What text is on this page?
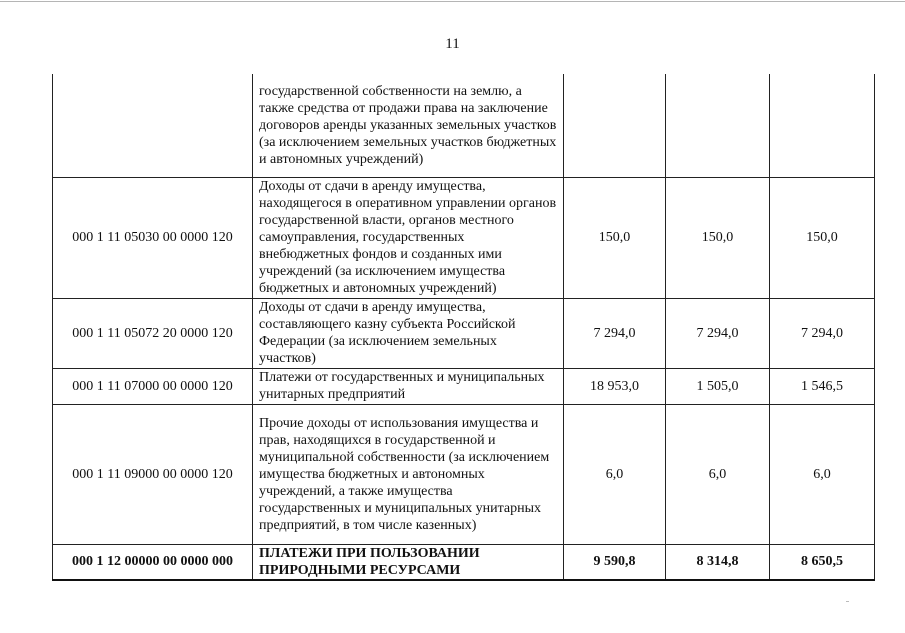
11
	государственной собственности на землю, а также средства от продажи права на заключение договоров аренды указанных земельных участков (за исключением земельных участков бюджетных и автономных учреждений)			
000 1 11 05030 00 0000 120	Доходы от сдачи в аренду имущества, находящегося в оперативном управлении органов государственной власти, органов местного самоуправления, государственных внебюджетных фондов и созданных ими учреждений (за исключением имущества бюджетных и автономных учреждений)	150,0	150,0	150,0
000 1 11 05072 20 0000 120	Доходы от сдачи в аренду имущества, составляющего казну субъекта Российской Федерации (за исключением земельных участков)	7 294,0	7 294,0	7 294,0
000 1 11 07000 00 0000 120	Платежи от государственных и муниципальных унитарных предприятий	18 953,0	1 505,0	1 546,5
000 1 11 09000 00 0000 120	Прочие доходы от использования имущества и прав, находящихся в государственной и муниципальной собственности (за исключением имущества бюджетных и автономных учреждений, а также имущества государственных и муниципальных унитарных предприятий, в том числе казенных)	6,0	6,0	6,0
000 1 12 00000 00 0000 000	ПЛАТЕЖИ ПРИ ПОЛЬЗОВАНИИ ПРИРОДНЫМИ РЕСУРСАМИ	9 590,8	8 314,8	8 650,5
